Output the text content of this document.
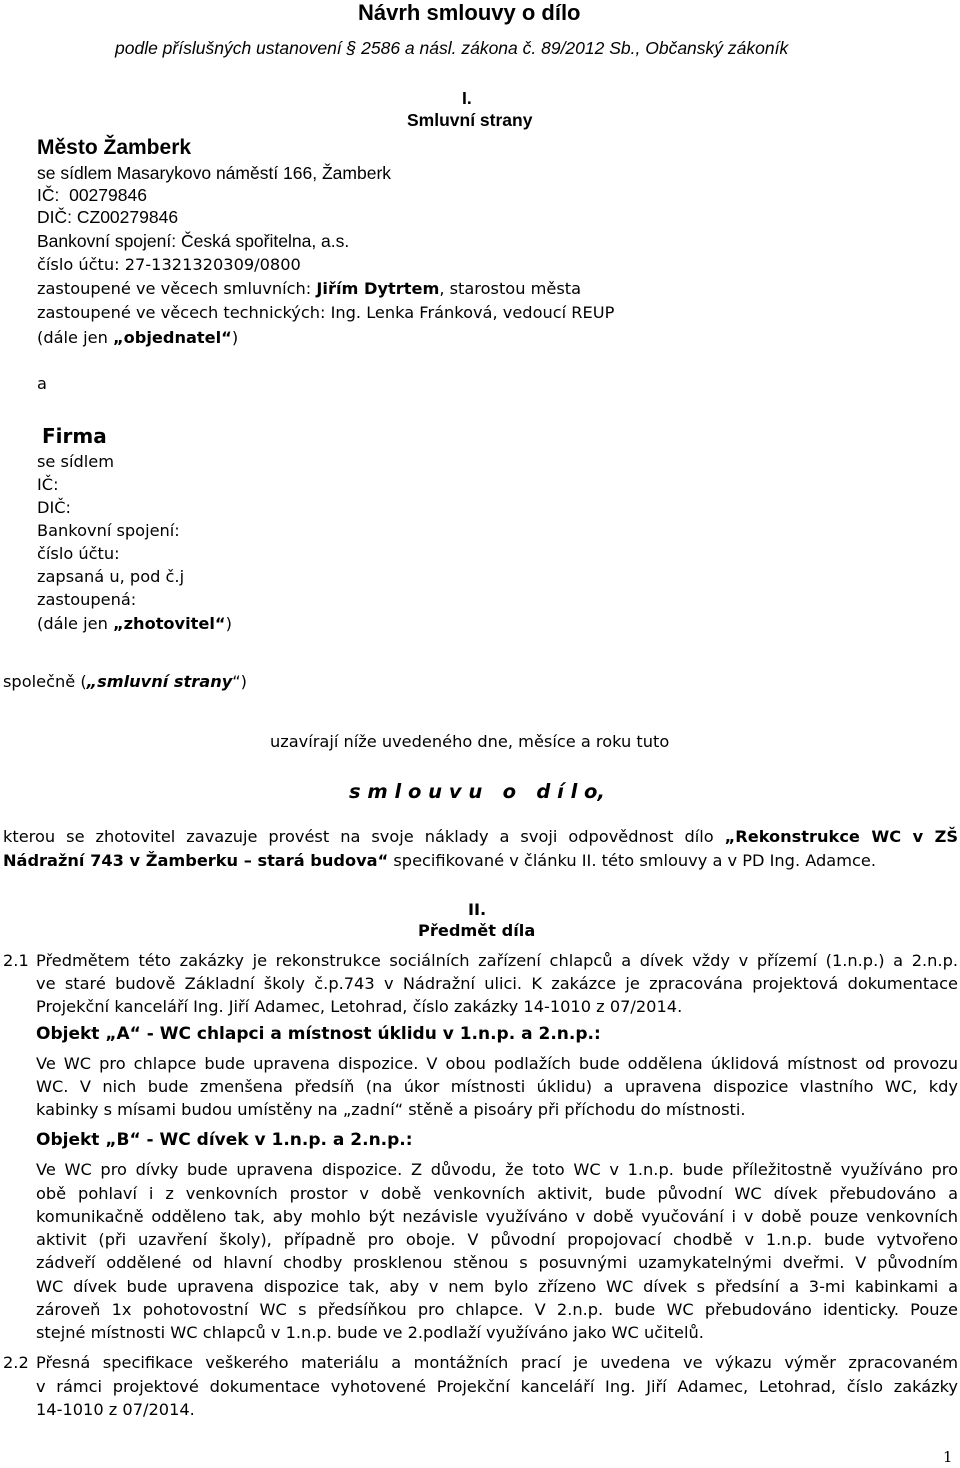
Návrh smlouvy o dílo
podle příslušných ustanovení § 2586 a násl. zákona č. 89/2012 Sb., Občanský zákoník
I.
Smluvní strany
Město Žamberk
se sídlem Masarykovo náměstí 166, Žamberk
IČ:  00279846
DIČ: CZ00279846
Bankovní spojení: Česká spořitelna, a.s.
číslo účtu: 27-1321320309/0800
zastoupené ve věcech smluvních: Jiřím Dytrtem, starostou města
zastoupené ve věcech technických: Ing. Lenka Fránková, vedoucí REUP
(dále jen „objednatel“)
a
Firma
se sídlem
IČ:
DIČ:
Bankovní spojení:
číslo účtu:
zapsaná u, pod č.j
zastoupená:
(dále jen „zhotovitel“)
společně („smluvní strany“)
uzavírají níže uvedeného dne, měsíce a roku tuto
s m l o u v u   o   d í l o,
kterou se zhotovitel zavazuje provést na svoje náklady a svoji odpovědnost dílo „Rekonstrukce WC v ZŠ
Nádražní 743 v Žamberku – stará budova“ specifikované v článku II. této smlouvy a v PD Ing. Adamce.
II.
Předmět díla
2.1 Předmětem této zakázky je rekonstrukce sociálních zařízení chlapců a dívek vždy v přízemí (1.n.p.) a 2.n.p.
ve staré budově Základní školy č.p.743 v Nádražní ulici. K zakázce je zpracována projektová dokumentace
Projekční kanceláří Ing. Jiří Adamec, Letohrad, číslo zakázky 14-1010 z 07/2014.
Objekt „A“ - WC chlapci a místnost úklidu v 1.n.p. a 2.n.p.:
Ve WC pro chlapce bude upravena dispozice. V obou podlažích bude oddělena úklidová místnost od provozu
WC. V nich bude zmenšena předsíň (na úkor místnosti úklidu) a upravena dispozice vlastního WC, kdy
kabinky s mísami budou umístěny na „zadní“ stěně a pisoáry při příchodu do místnosti.
Objekt „B“ - WC dívek v 1.n.p. a 2.n.p.:
Ve WC pro dívky bude upravena dispozice. Z důvodu, že toto WC v 1.n.p. bude příležitostně využíváno pro
obě pohlaví i z venkovních prostor v době venkovních aktivit, bude původní WC dívek přebudováno a
komunikačně odděleno tak, aby mohlo být nezávisle využíváno v době vyučování i v době pouze venkovních
aktivit (při uzavření školy), případně pro oboje. V původní propojovací chodbě v 1.n.p. bude vytvořeno
zádveří oddělené od hlavní chodby prosklenou stěnou s posuvnými uzamykatelnými dveřmi. V původním
WC dívek bude upravena dispozice tak, aby v nem bylo zřízeno WC dívek s předsíní a 3-mi kabinkami a
zároveň 1x pohotovostní WC s předsíňkou pro chlapce. V 2.n.p. bude WC přebudováno identicky. Pouze
stejné místnosti WC chlapců v 1.n.p. bude ve 2.podlaží využíváno jako WC učitelů.
2.2 Přesná specifikace veškerého materiálu a montážních prací je uvedena ve výkazu výměr zpracovaném
v rámci projektové dokumentace vyhotovené Projekční kanceláří Ing. Jiří Adamec, Letohrad, číslo zakázky
14-1010 z 07/2014.
1
